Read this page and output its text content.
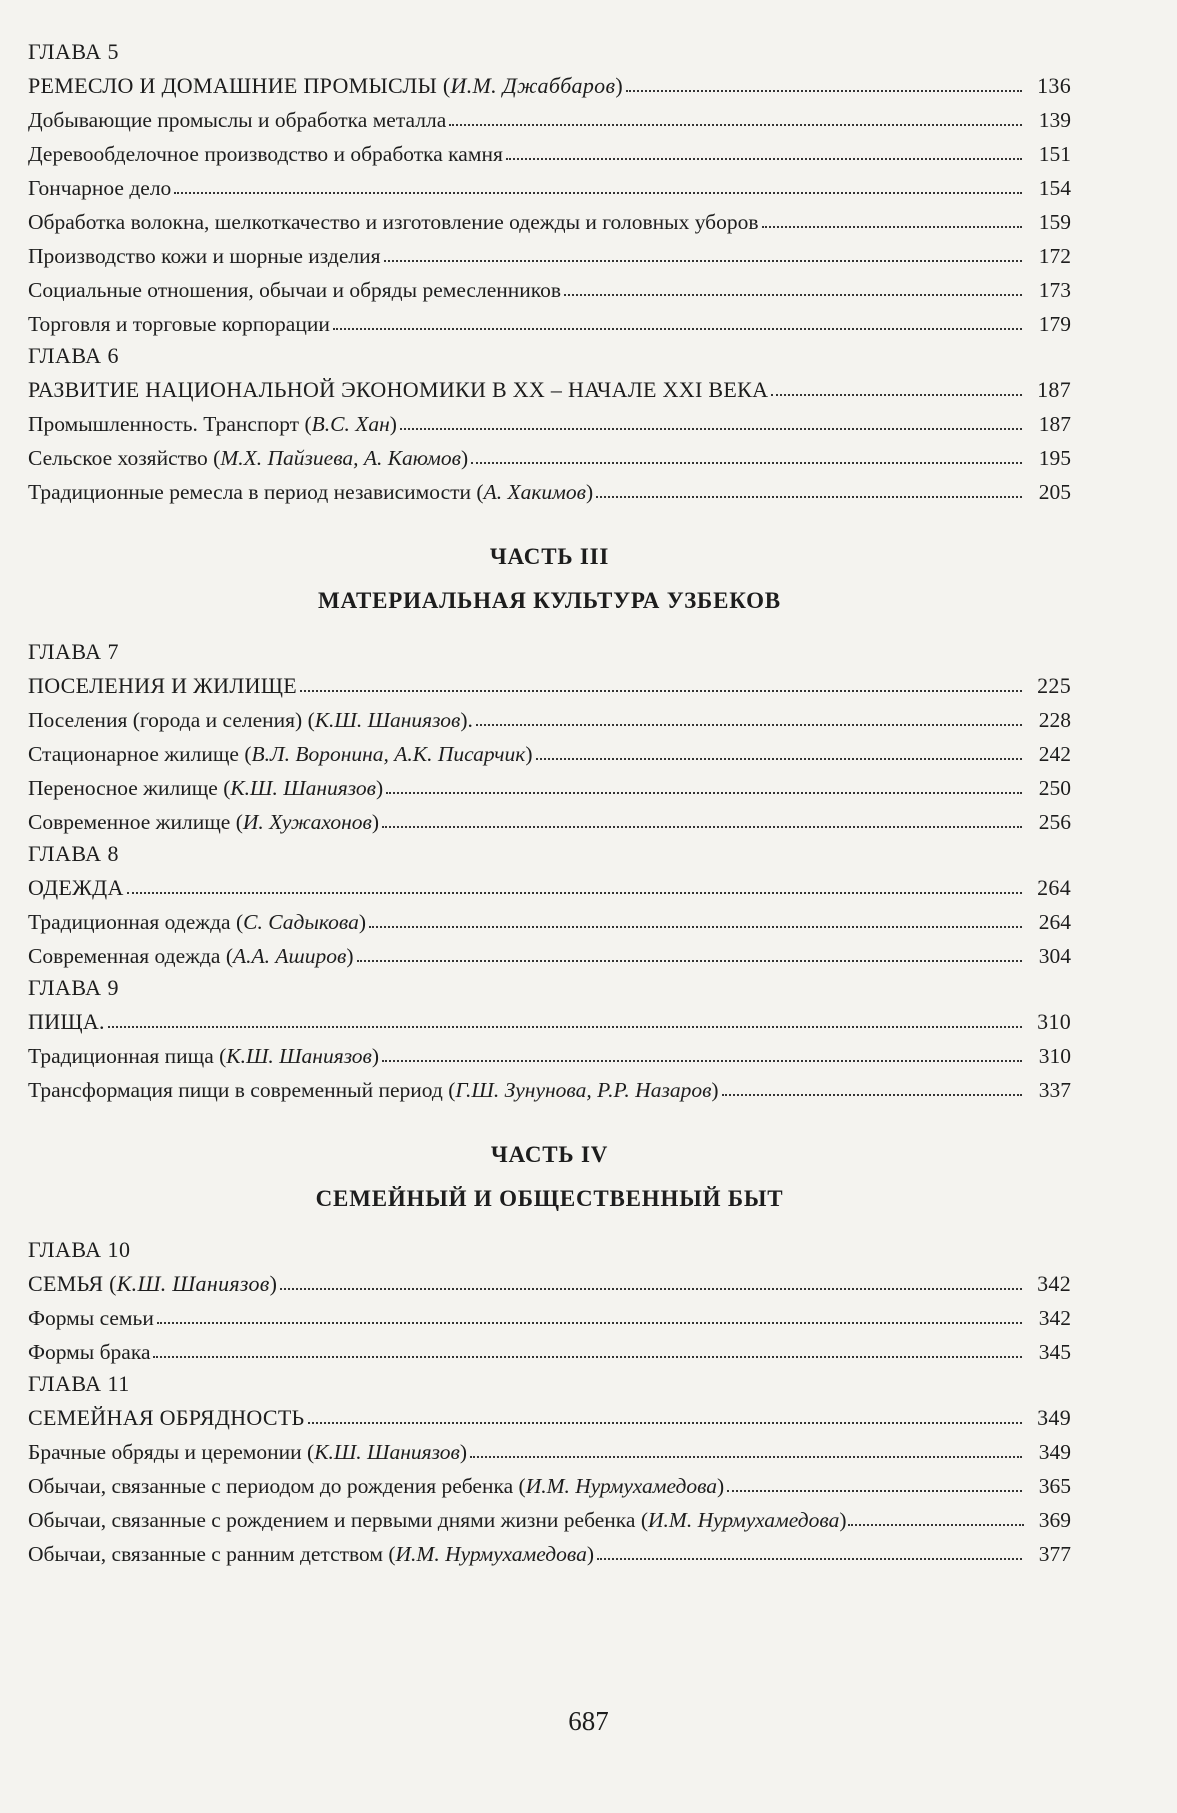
ГЛАВА 5
РЕМЕСЛО И ДОМАШНИЕ ПРОМЫСЛЫ (И.М. Джаббаров)	136
Добывающие промыслы и обработка металла	139
Деревообделочное производство и обработка камня	151
Гончарное дело	154
Обработка волокна, шелкоткачество и изготовление одежды и головных уборов	159
Производство кожи и шорные изделия	172
Социальные отношения, обычаи и обряды ремесленников	173
Торговля и торговые корпорации	179
ГЛАВА 6
РАЗВИТИЕ НАЦИОНАЛЬНОЙ ЭКОНОМИКИ В XX – НАЧАЛЕ XXI ВЕКА	187
Промышленность. Транспорт (В.С. Хан)	187
Сельское хозяйство (М.Х. Пайзиева, А. Каюмов)	195
Традиционные ремесла в период независимости (А. Хакимов)	205
ЧАСТЬ III
МАТЕРИАЛЬНАЯ КУЛЬТУРА УЗБЕКОВ
ГЛАВА 7
ПОСЕЛЕНИЯ И ЖИЛИЩЕ	225
Поселения (города и селения) (К.Ш. Шаниязов).	228
Стационарное жилище (В.Л. Воронина, А.К. Писарчик)	242
Переносное жилище (К.Ш. Шаниязов)	250
Современное жилище (И. Хужахонов)	256
ГЛАВА 8
ОДЕЖДА	264
Традиционная одежда (С. Садыкова)	264
Современная одежда (А.А. Аширов)	304
ГЛАВА 9
ПИЩА.	310
Традиционная пища (К.Ш. Шаниязов)	310
Трансформация пищи в современный период (Г.Ш. Зунунова, Р.Р. Назаров)	337
ЧАСТЬ IV
СЕМЕЙНЫЙ И ОБЩЕСТВЕННЫЙ БЫТ
ГЛАВА 10
СЕМЬЯ (К.Ш. Шаниязов)	342
Формы семьи	342
Формы брака	345
ГЛАВА 11
СЕМЕЙНАЯ ОБРЯДНОСТЬ	349
Брачные обряды и церемонии (К.Ш. Шаниязов)	349
Обычаи, связанные с периодом до рождения ребенка (И.М. Нурмухамедова)	365
Обычаи, связанные с рождением и первыми днями жизни ребенка (И.М. Нурмухамедова)	369
Обычаи, связанные с ранним детством (И.М. Нурмухамедова)	377
687
